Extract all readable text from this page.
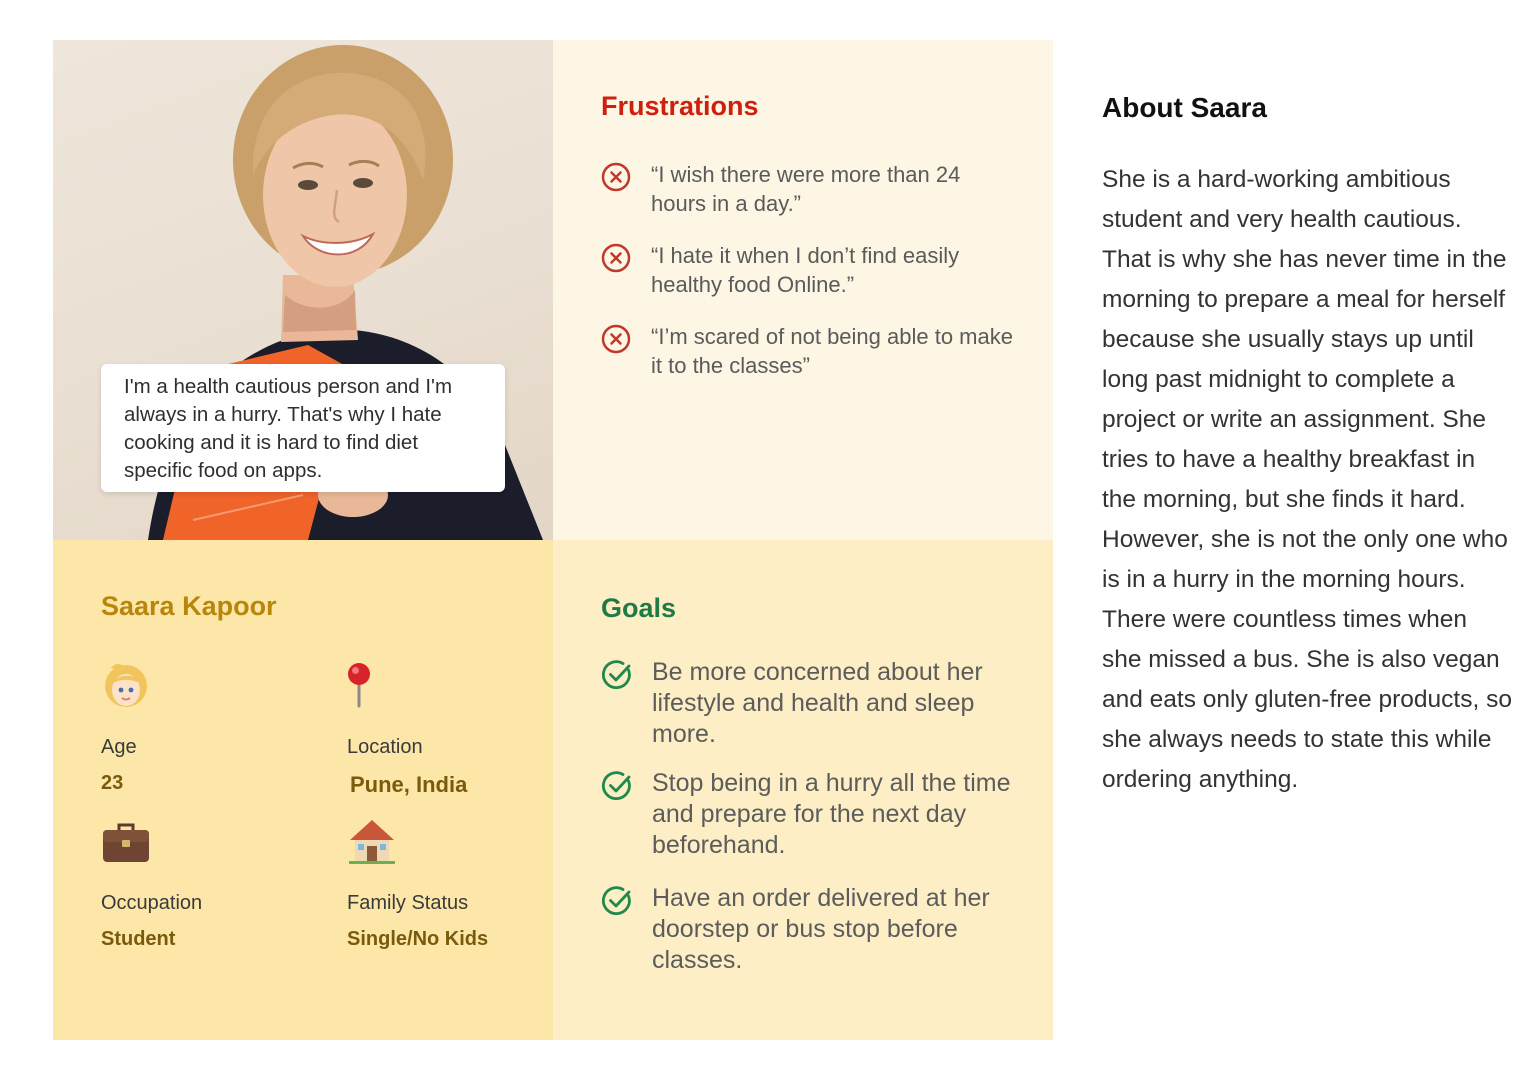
I'm a health cautious person and I'm always in a hurry. That's why I hate cooking and it is hard to find diet specific food on apps.
Frustrations
“I wish there were more than 24 hours in a day.”
“I hate it when I don’t find easily healthy food Online.”
“I’m scared of not being able to make it to the classes”
Saara Kapoor
Age
23
Location
Pune, India
Occupation
Student
Family Status
Single/No Kids
Goals
Be more concerned about her lifestyle and health and sleep more.
Stop being in a hurry all the time and prepare for the next day beforehand.
Have an order delivered at her doorstep or bus stop before classes.
About Saara

She is a hard-working ambitious student and very health cautious. That is why she has never time in the morning to prepare a meal for herself because she usually stays up until long past midnight to complete a project or write an assignment. She tries to have a healthy breakfast in the morning, but she finds it hard. However, she is not the only one who is in a hurry in the morning hours. There were countless times when she missed a bus. She is also vegan and eats only gluten-free products, so she always needs to state this while ordering anything.
